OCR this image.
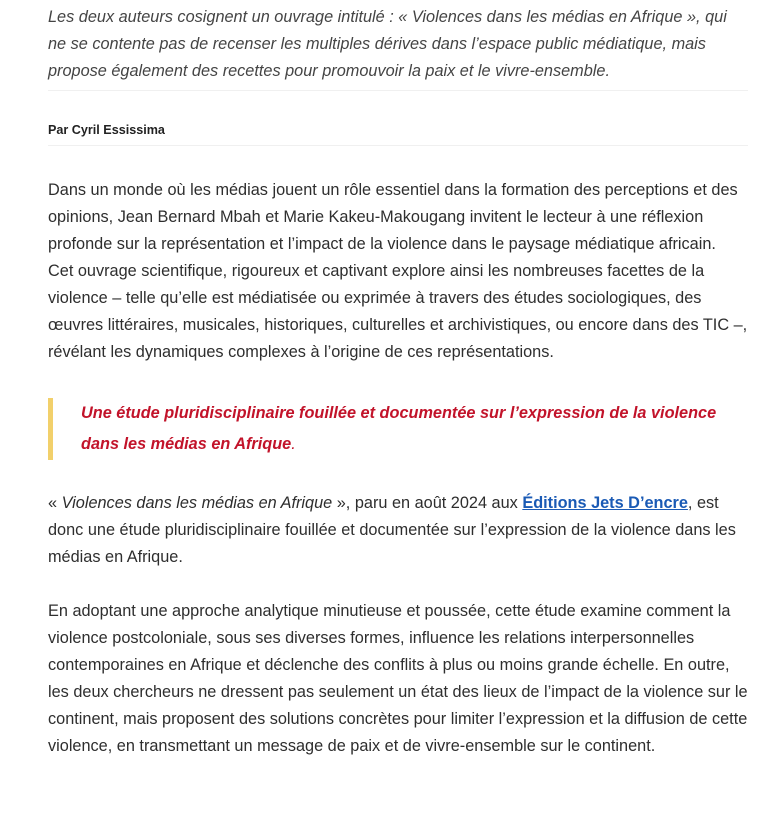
Les deux auteurs cosignent un ouvrage intitulé : « Violences dans les médias en Afrique », qui ne se contente pas de recenser les multiples dérives dans l’espace public médiatique, mais propose également des recettes pour promouvoir la paix et le vivre-ensemble.

Par Cyril Essissima

Dans un monde où les médias jouent un rôle essentiel dans la formation des perceptions et des opinions, Jean Bernard Mbah et Marie Kakeu-Makougang invitent le lecteur à une réflexion profonde sur la représentation et l’impact de la violence dans le paysage médiatique africain.
Cet ouvrage scientifique, rigoureux et captivant explore ainsi les nombreuses facettes de la violence – telle qu’elle est médiatisée ou exprimée à travers des études sociologiques, des œuvres littéraires, musicales, historiques, culturelles et archivistiques, ou encore dans des TIC –, révélant les dynamiques complexes à l’origine de ces représentations.

Une étude pluridisciplinaire fouillée et documentée sur l’expression de la violence dans les médias en Afrique.

« Violences dans les médias en Afrique », paru en août 2024 aux Éditions Jets D’encre, est donc une étude pluridisciplinaire fouillée et documentée sur l’expression de la violence dans les médias en Afrique.

En adoptant une approche analytique minutieuse et poussée, cette étude examine comment la violence postcoloniale, sous ses diverses formes, influence les relations interpersonnelles contemporaines en Afrique et déclenche des conflits à plus ou moins grande échelle. En outre, les deux chercheurs ne dressent pas seulement un état des lieux de l’impact de la violence sur le continent, mais proposent des solutions concrètes pour limiter l’expression et la diffusion de cette violence, en transmettant un message de paix et de vivre-ensemble sur le continent.
